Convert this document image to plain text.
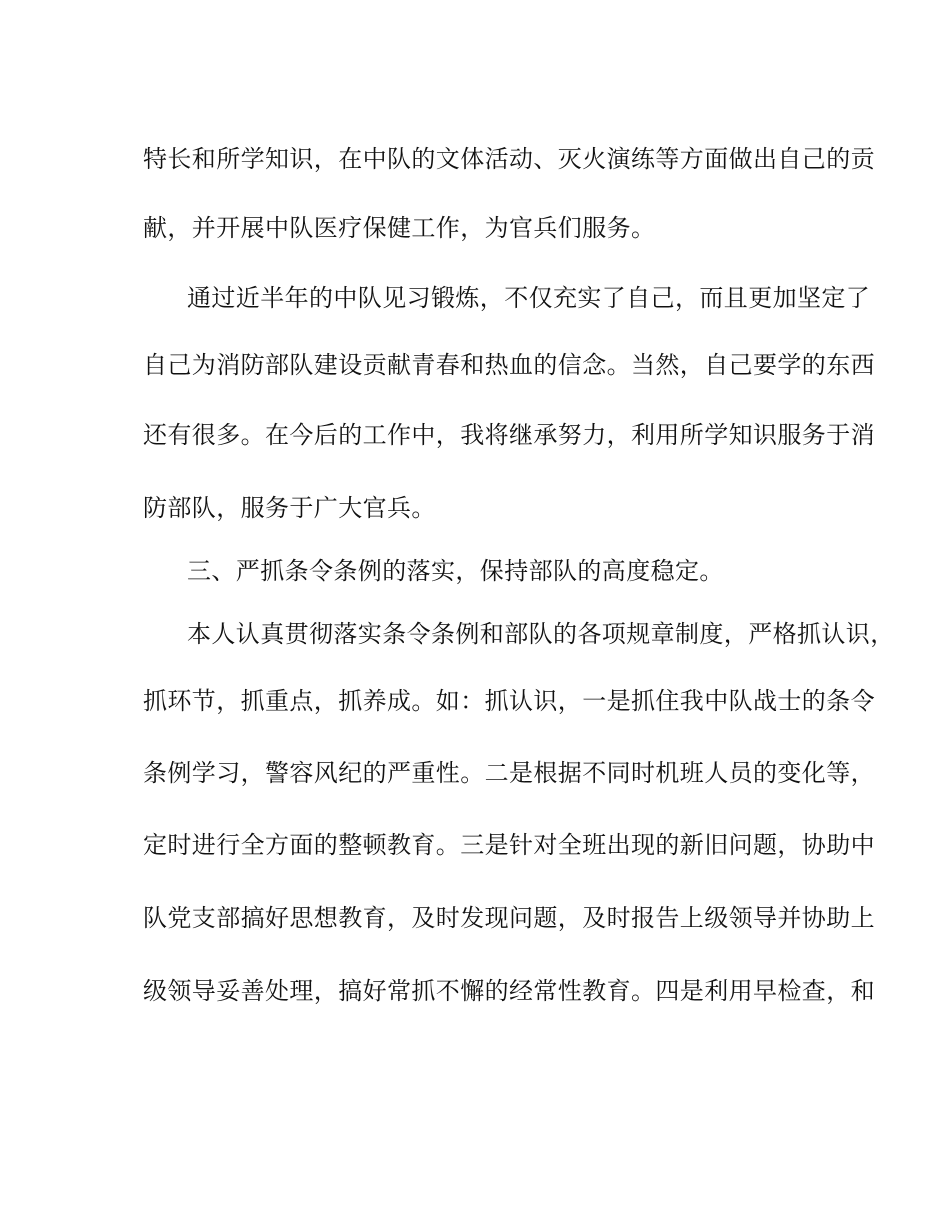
特长和所学知识，在中队的文体活动、灭火演练等方面做出自己的贡
献，并开展中队医疗保健工作，为官兵们服务。
通过近半年的中队见习锻炼，不仅充实了自己，而且更加坚定了
自己为消防部队建设贡献青春和热血的信念。当然，自己要学的东西
还有很多。在今后的工作中，我将继承努力，利用所学知识服务于消
防部队，服务于广大官兵。
三、严抓条令条例的落实，保持部队的高度稳定。
本人认真贯彻落实条令条例和部队的各项规章制度，严格抓认识，
抓环节，抓重点，抓养成。如：抓认识，一是抓住我中队战士的条令
条例学习，警容风纪的严重性。二是根据不同时机班人员的变化等，
定时进行全方面的整顿教育。三是针对全班出现的新旧问题，协助中
队党支部搞好思想教育，及时发现问题，及时报告上级领导并协助上
级领导妥善处理，搞好常抓不懈的经常性教育。四是利用早检查，和
